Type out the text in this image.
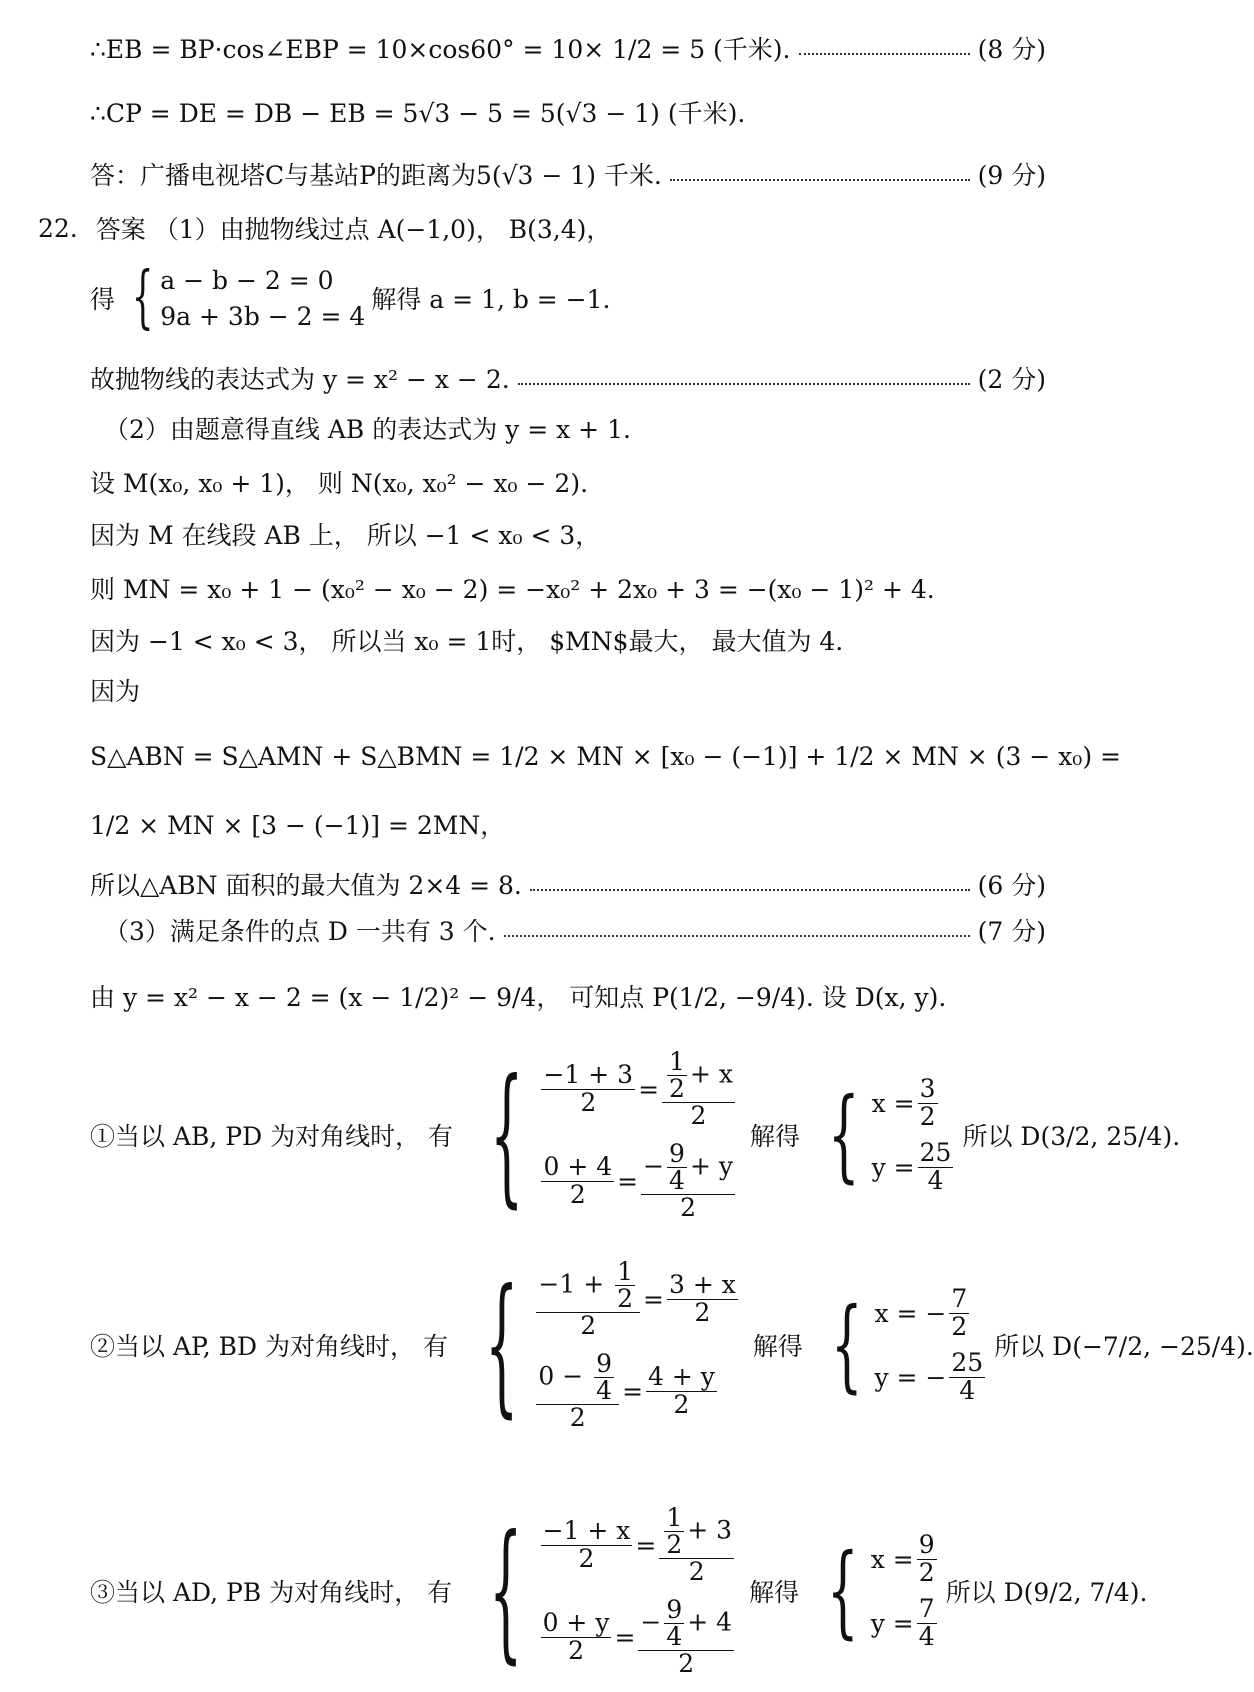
∴EB = BP·cos∠EBP = 10×cos60° = 10× 1/2 = 5 (千米).	(8 分)
∴CP = DE = DB − EB = 5√3 − 5 = 5(√3 − 1) (千米).
答：广播电视塔C与基站P的距离为5(√3 − 1) 千米.	(9 分)
22. 答案 （1）由抛物线过点 A(−1,0)， B(3,4)，
得 { a − b − 2 = 0
9a + 3b − 2 = 4
解得 a = 1, b = −1.
故抛物线的表达式为 y = x² − x − 2.	(2 分)
（2）由题意得直线 AB 的表达式为 y = x + 1.
设 M(x₀, x₀ + 1)， 则 N(x₀, x₀² − x₀ − 2).
因为 M 在线段 AB 上， 所以 −1 < x₀ < 3，
则 MN = x₀ + 1 − (x₀² − x₀ − 2) = −x₀² + 2x₀ + 3 = −(x₀ − 1)² + 4.
因为 −1 < x₀ < 3， 所以当 x₀ = 1时， $MN$最大， 最大值为 4.
因为
S△ABN = S△AMN + S△BMN = 1/2 × MN × [x₀ − (−1)] + 1/2 × MN × (3 − x₀) =
1/2 × MN × [3 − (−1)] = 2MN，
所以△ABN 面积的最大值为 2×4 = 8.	(6 分)
（3）满足条件的点 D 一共有 3 个.	(7 分)
由 y = x² − x − 2 = (x − 1/2)² − 9/4， 可知点 P(1/2, −9/4). 设 D(x, y).
①当以 AB, PD 为对角线时， 有 { $\frac{-1 + 3}{2} = \frac{\frac{1}{2} + x}{2}$
$\frac{0 + 4}{2} = \frac{- \frac{9}{4} + y}{2}$
解得 { $x = \frac{3}{2}$
$y = \frac{25}{4}$
所以 D(3/2, 25/4).
②当以 AP, BD 为对角线时， 有 { $\frac{-1 + \frac{1}{2}}{2} = \frac{3 + x}{2}$
$\frac{0 - \frac{9}{4}}{2} = \frac{4 + y}{2}$
解得 { x = − $\frac{7}{2}$
y = − $\frac{25}{4}$
所以 D(−7/2, −25/4).
③当以 AD, PB 为对角线时， 有 { $\frac{-1 + x}{2} = \frac{\frac{1}{2} + 3}{2}$
$\frac{0 + y}{2} = \frac{- \frac{9}{4} + 4}{2}$
解得 { $x = \frac{9}{2}$
$y = \frac{7}{4}$
所以 D(9/2, 7/4).
